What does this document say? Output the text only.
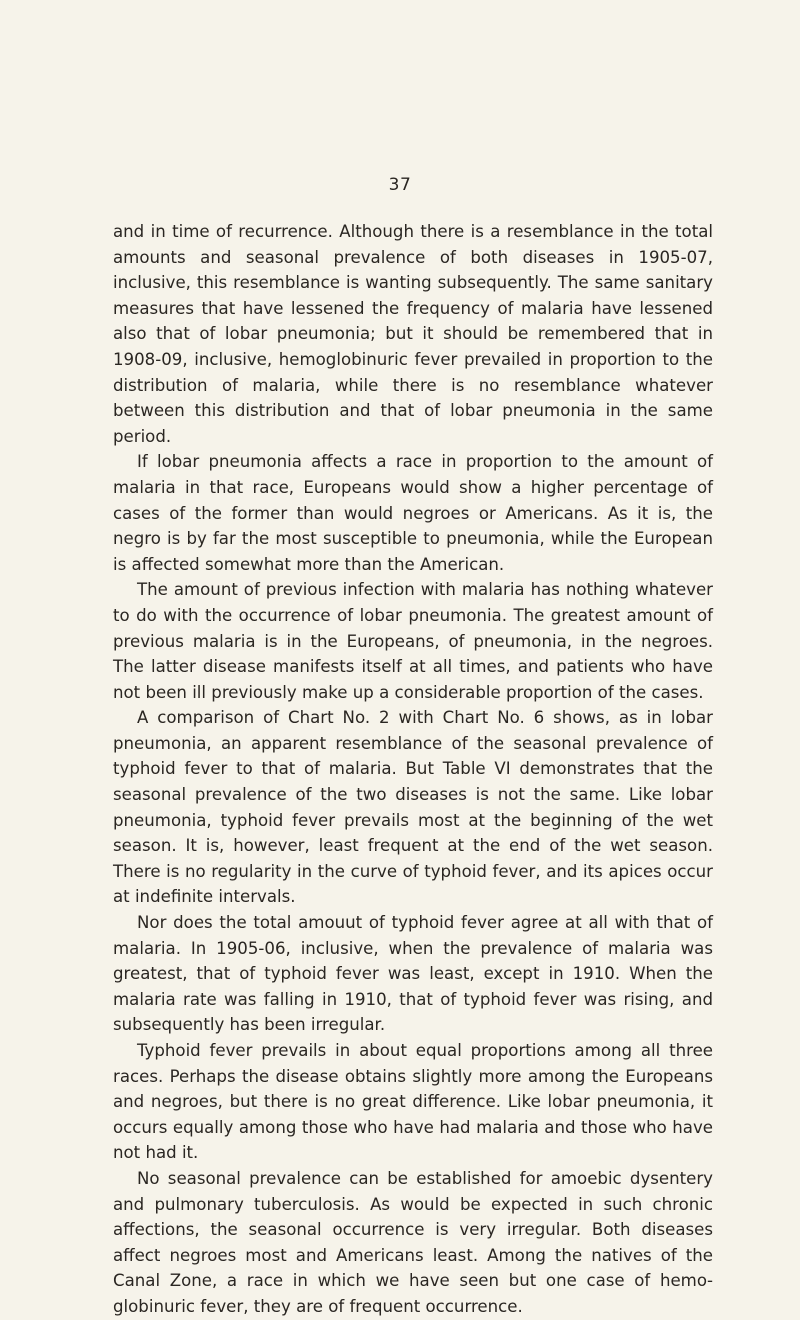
37

and in time of recurrence. Although there is a resemblance in the total amounts and seasonal prevalence of both diseases in 1905-07, inclusive, this resemblance is wanting subsequently. The same sanitary measures that have lessened the frequency of malaria have lessened also that of lobar pneumonia; but it should be remembered that in 1908-09, inclusive, hemoglobinuric fever prevailed in proportion to the distribution of malaria, while there is no resemblance whatever between this distribution and that of lobar pneumonia in the same period.

If lobar pneumonia affects a race in proportion to the amount of malaria in that race, Europeans would show a higher percentage of cases of the former than would negroes or Americans. As it is, the negro is by far the most susceptible to pneumonia, while the European is affected somewhat more than the American.

The amount of previous infection with malaria has nothing whatever to do with the occurrence of lobar pneumonia. The greatest amount of previous malaria is in the Europeans, of pneumonia, in the negroes. The latter disease manifests itself at all times, and patients who have not been ill previously make up a considerable proportion of the cases.

A comparison of Chart No. 2 with Chart No. 6 shows, as in lobar pneumonia, an apparent resemblance of the seasonal prevalence of typhoid fever to that of malaria. But Table VI demonstrates that the seasonal prevalence of the two diseases is not the same. Like lobar pneumonia, typhoid fever prevails most at the beginning of the wet season. It is, however, least frequent at the end of the wet season. There is no regularity in the curve of typhoid fever, and its apices occur at indefinite intervals.

Nor does the total amouut of typhoid fever agree at all with that of malaria. In 1905-06, inclusive, when the prevalence of malaria was greatest, that of typhoid fever was least, except in 1910. When the malaria rate was falling in 1910, that of typhoid fever was rising, and subsequently has been irregular.

Typhoid fever prevails in about equal proportions among all three races. Perhaps the disease obtains slightly more among the Europeans and negroes, but there is no great difference. Like lobar pneumonia, it occurs equally among those who have had malaria and those who have not had it.

No seasonal prevalence can be established for amoebic dysentery and pulmonary tuberculosis. As would be expected in such chronic affections, the seasonal occurrence is very irregular. Both diseases affect negroes most and Americans least. Among the natives of the Canal Zone, a race in which we have seen but one case of hemoglobinuric fever, they are of frequent occurrence.
